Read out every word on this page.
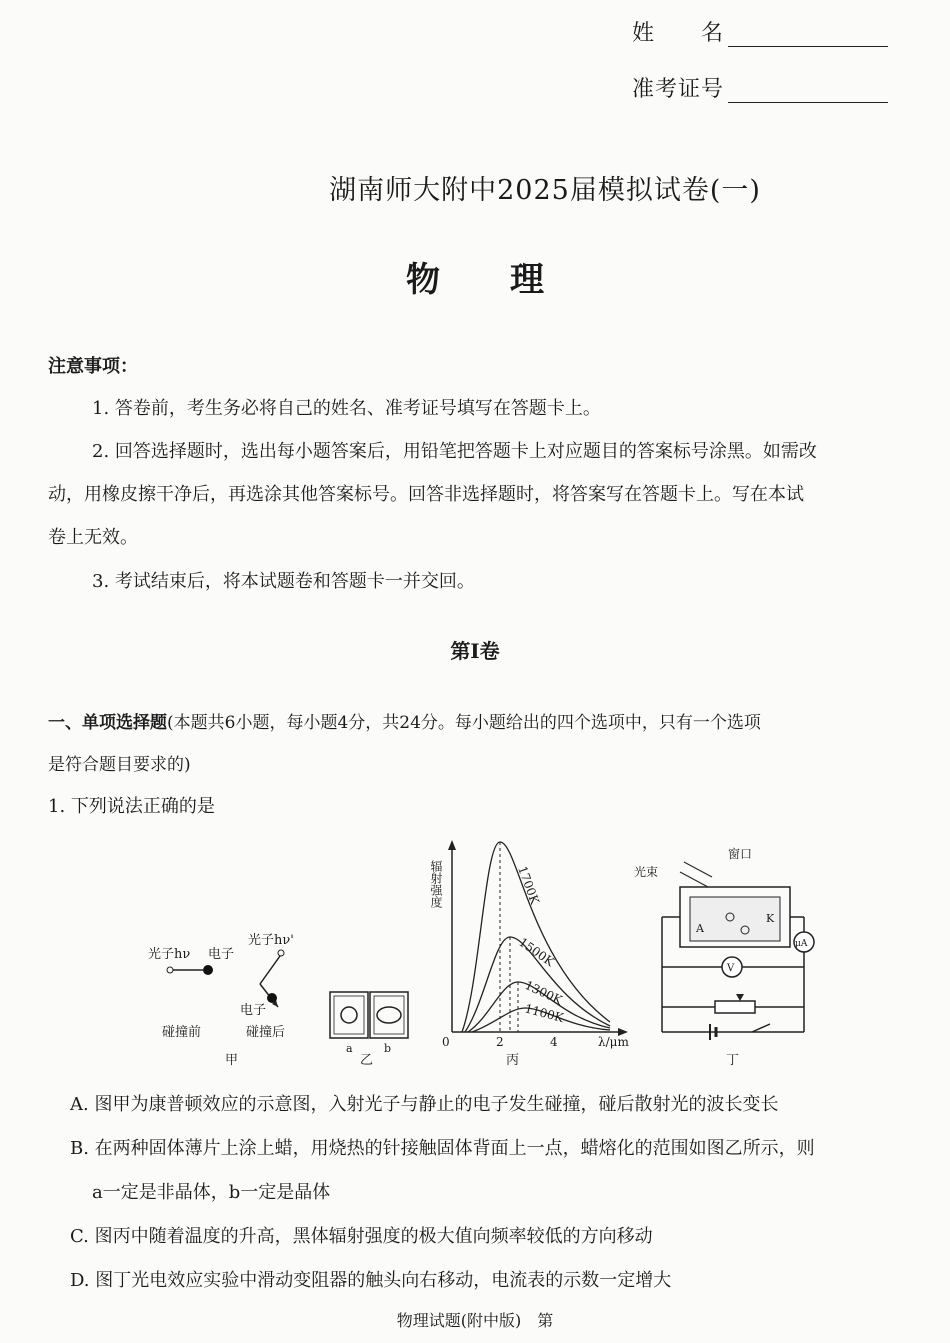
姓　　名
准考证号
湖南师大附中2025届模拟试卷(一)
物理
注意事项：
1. 答卷前，考生务必将自己的姓名、准考证号填写在答题卡上。
2. 回答选择题时，选出每小题答案后，用铅笔把答题卡上对应题目的答案标号涂黑。如需改
动，用橡皮擦干净后，再选涂其他答案标号。回答非选择题时，将答案写在答题卡上。写在本试
卷上无效。
3. 考试结束后，将本试题卷和答题卡一并交回。
第Ⅰ卷
一、单项选择题(本题共6小题，每小题4分，共24分。每小题给出的四个选项中，只有一个选项
是符合题目要求的)
1. 下列说法正确的是
光子hν 电子
光子hν'
电子
碰撞前	碰撞后
甲
a	b
乙
辐射强度
0	2	4	λ/μm
1700K
1500K
1300K
1100K
丙
光束
窗口
A
K
μA
V
丁
A. 图甲为康普顿效应的示意图，入射光子与静止的电子发生碰撞，碰后散射光的波长变长
B. 在两种固体薄片上涂上蜡，用烧热的针接触固体背面上一点，蜡熔化的范围如图乙所示，则
a一定是非晶体，b一定是晶体
C. 图丙中随着温度的升高，黑体辐射强度的极大值向频率较低的方向移动
D. 图丁光电效应实验中滑动变阻器的触头向右移动，电流表的示数一定增大
物理试题(附中版)　第
